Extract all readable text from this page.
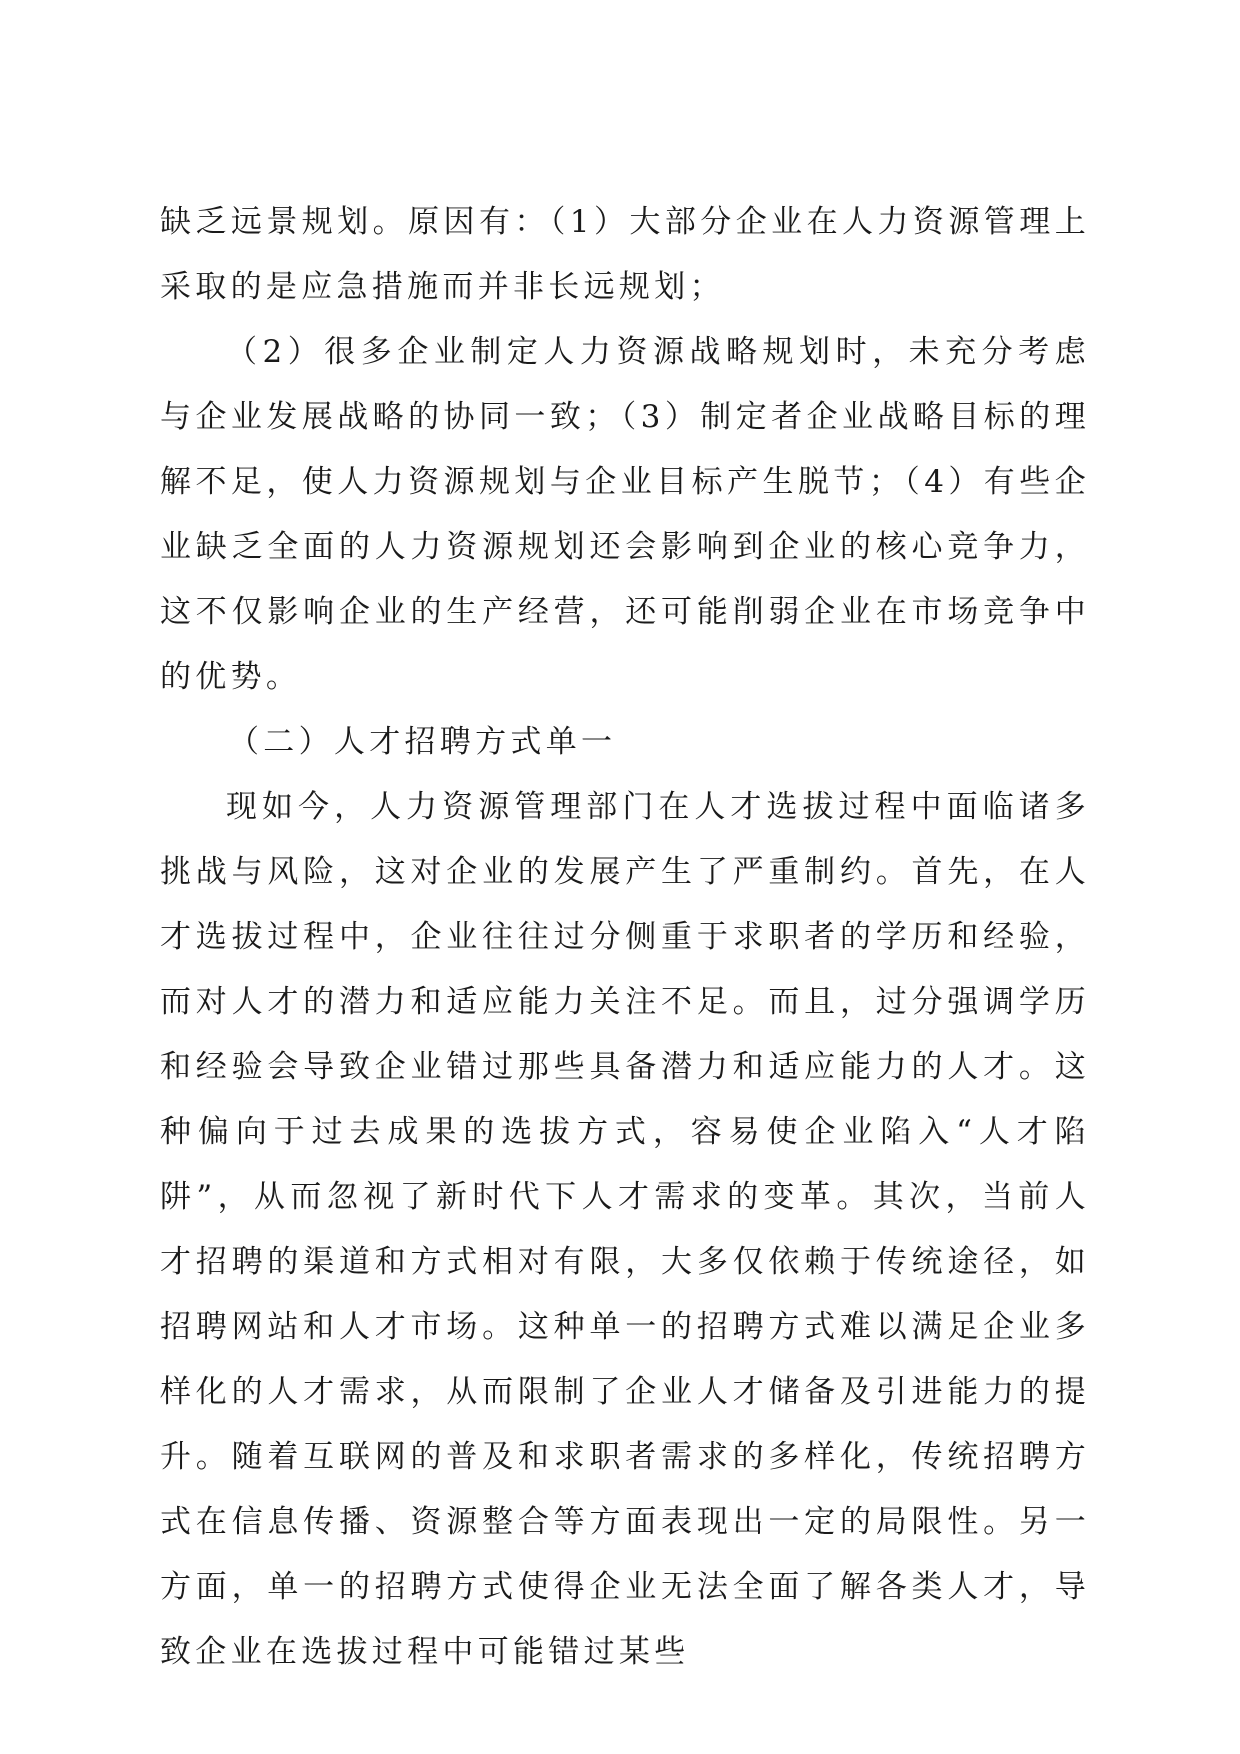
缺乏远景规划。原因有：（1）大部分企业在人力资源管理上采取的是应急措施而并非长远规划；

（2）很多企业制定人力资源战略规划时，未充分考虑与企业发展战略的协同一致；（3）制定者企业战略目标的理解不足，使人力资源规划与企业目标产生脱节；（4）有些企业缺乏全面的人力资源规划还会影响到企业的核心竞争力，这不仅影响企业的生产经营，还可能削弱企业在市场竞争中的优势。

（二）人才招聘方式单一

现如今，人力资源管理部门在人才选拔过程中面临诸多挑战与风险，这对企业的发展产生了严重制约。首先，在人才选拔过程中，企业往往过分侧重于求职者的学历和经验，而对人才的潜力和适应能力关注不足。而且，过分强调学历和经验会导致企业错过那些具备潜力和适应能力的人才。这种偏向于过去成果的选拔方式，容易使企业陷入“人才陷阱”，从而忽视了新时代下人才需求的变革。其次，当前人才招聘的渠道和方式相对有限，大多仅依赖于传统途径，如招聘网站和人才市场。这种单一的招聘方式难以满足企业多样化的人才需求，从而限制了企业人才储备及引进能力的提升。随着互联网的普及和求职者需求的多样化，传统招聘方式在信息传播、资源整合等方面表现出一定的局限性。另一方面，单一的招聘方式使得企业无法全面了解各类人才，导致企业在选拔过程中可能错过某些
